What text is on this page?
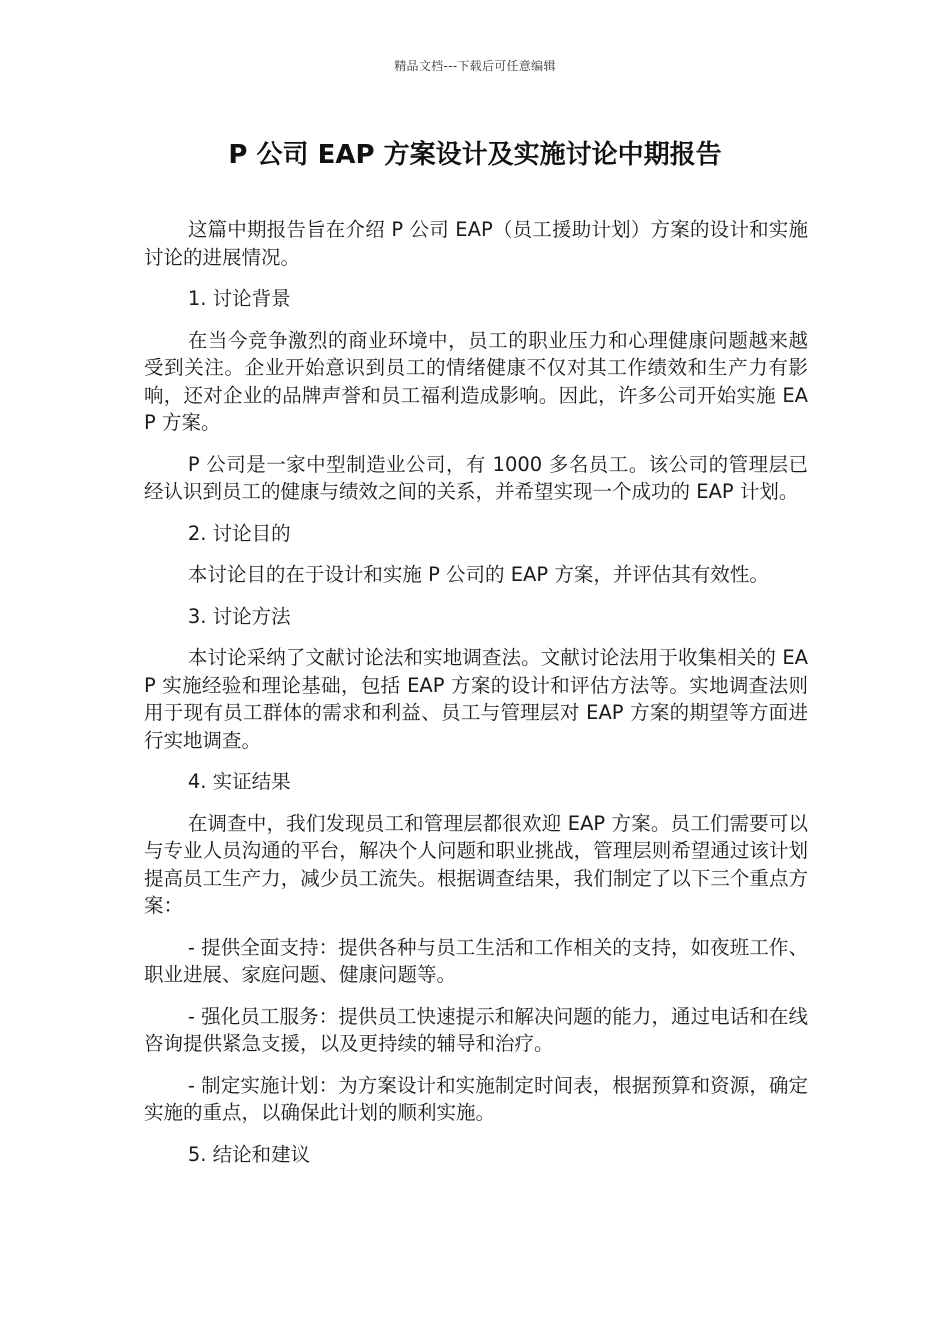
精品文档---下载后可任意编辑
P 公司 EAP 方案设计及实施讨论中期报告

这篇中期报告旨在介绍 P 公司 EAP（员工援助计划）方案的设计和实施讨论的进展情况。

1. 讨论背景

在当今竞争激烈的商业环境中，员工的职业压力和心理健康问题越来越受到关注。企业开始意识到员工的情绪健康不仅对其工作绩效和生产力有影响，还对企业的品牌声誉和员工福利造成影响。因此，许多公司开始实施 EAP 方案。

P 公司是一家中型制造业公司，有 1000 多名员工。该公司的管理层已经认识到员工的健康与绩效之间的关系，并希望实现一个成功的 EAP 计划。

2. 讨论目的

本讨论目的在于设计和实施 P 公司的 EAP 方案，并评估其有效性。

3. 讨论方法

本讨论采纳了文献讨论法和实地调查法。文献讨论法用于收集相关的 EAP 实施经验和理论基础，包括 EAP 方案的设计和评估方法等。实地调查法则用于现有员工群体的需求和利益、员工与管理层对 EAP 方案的期望等方面进行实地调查。

4. 实证结果

在调查中，我们发现员工和管理层都很欢迎 EAP 方案。员工们需要可以与专业人员沟通的平台，解决个人问题和职业挑战，管理层则希望通过该计划提高员工生产力，减少员工流失。根据调查结果，我们制定了以下三个重点方案：

- 提供全面支持：提供各种与员工生活和工作相关的支持，如夜班工作、职业进展、家庭问题、健康问题等。

- 强化员工服务：提供员工快速提示和解决问题的能力，通过电话和在线咨询提供紧急支援，以及更持续的辅导和治疗。

- 制定实施计划：为方案设计和实施制定时间表，根据预算和资源，确定实施的重点，以确保此计划的顺利实施。

5. 结论和建议
